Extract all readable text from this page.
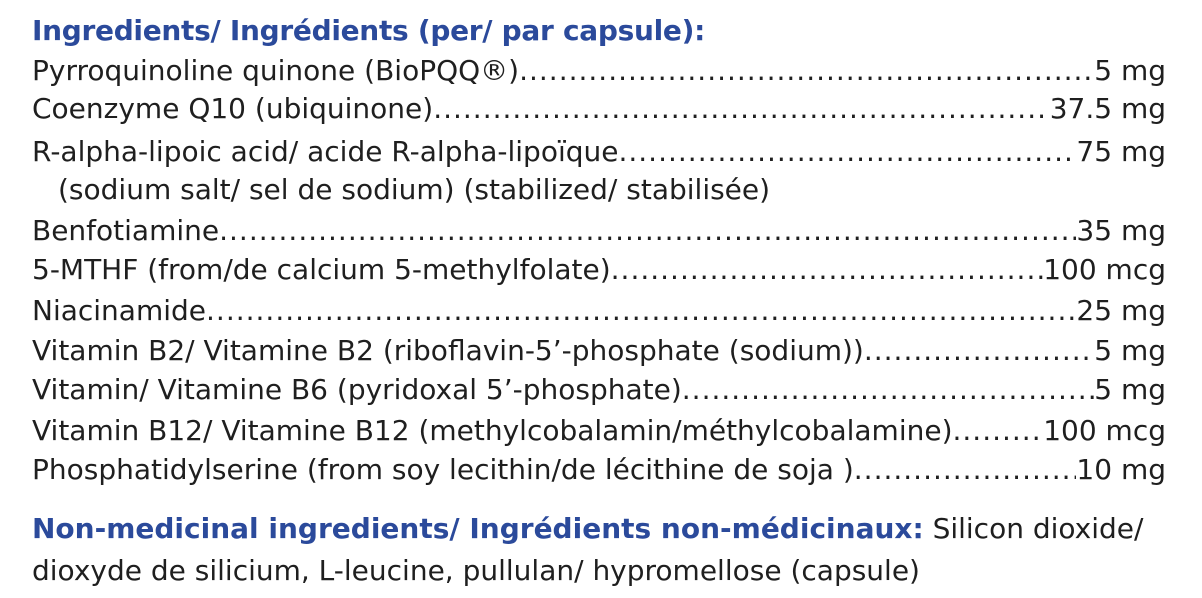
Ingredients/ Ingrédients (per/ par capsule):
Pyrroquinoline quinone (BioPQQ®) .....	5 mg
Coenzyme Q10 (ubiquinone) .....	37.5 mg
R-alpha-lipoic acid/ acide R-alpha-lipoïque .....	75 mg
(sodium salt/ sel de sodium) (stabilized/ stabilisée)
Benfotiamine .....	35 mg
5-MTHF (from/de calcium 5-methylfolate) .....	100 mcg
Niacinamide .....	25 mg
Vitamin B2/ Vitamine B2 (riboflavin-5’-phosphate (sodium)) .....	5 mg
Vitamin/ Vitamine B6 (pyridoxal 5’-phosphate) .....	5 mg
Vitamin B12/ Vitamine B12 (methylcobalamin/méthylcobalamine) .....	100 mcg
Phosphatidylserine (from soy lecithin/de lécithine de soja ) .....	10 mg
Non-medicinal ingredients/ Ingrédients non-médicinaux: Silicon dioxide/ dioxyde de silicium, L-leucine, pullulan/ hypromellose (capsule)
